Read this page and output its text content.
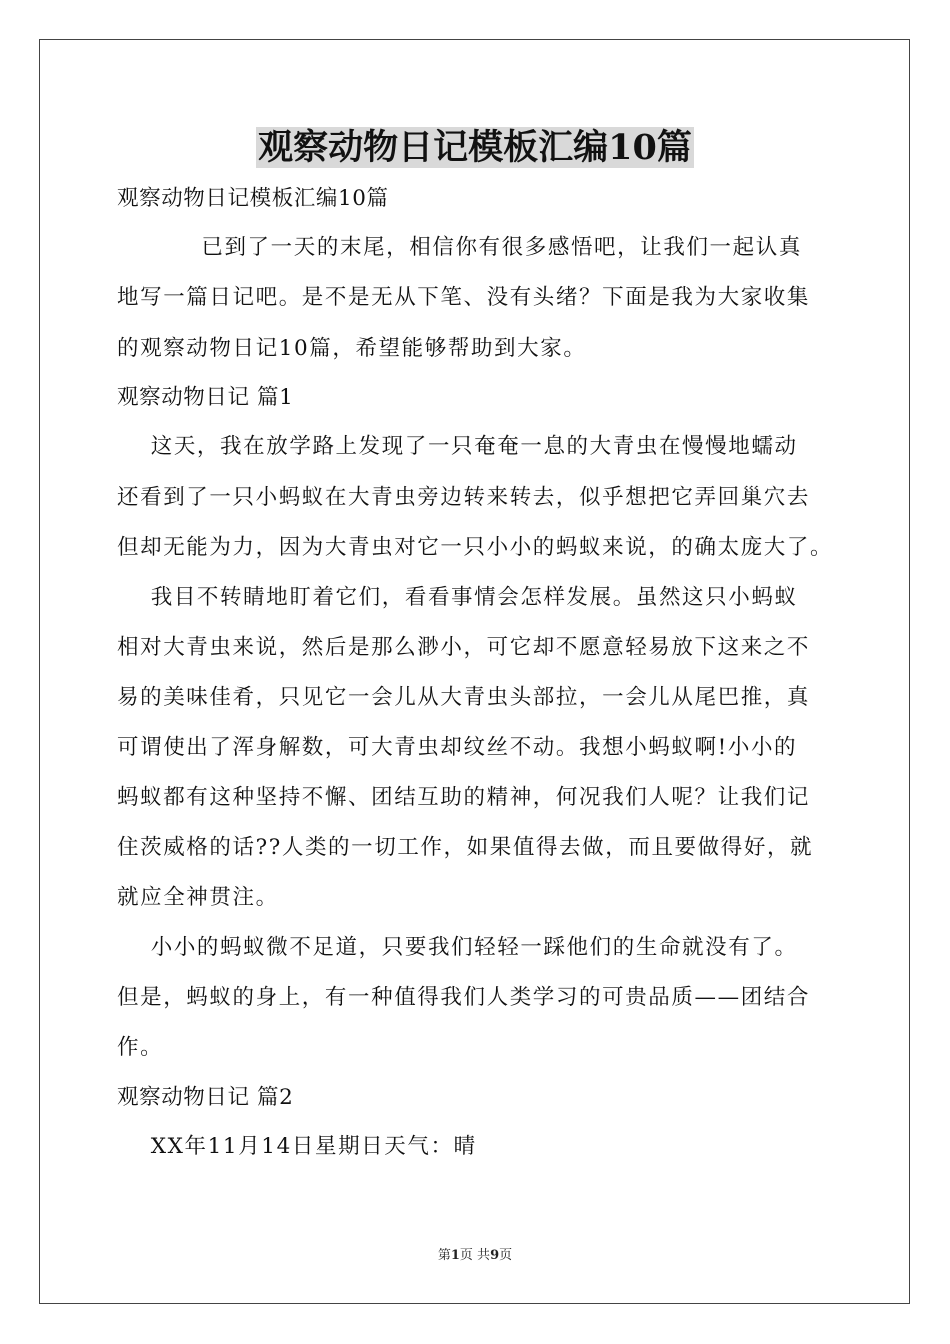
观察动物日记模板汇编10篇

观察动物日记模板汇编10篇

已到了一天的末尾，相信你有很多感悟吧，让我们一起认真

地写一篇日记吧。是不是无从下笔、没有头绪？下面是我为大家收集

的观察动物日记10篇，希望能够帮助到大家。

观察动物日记 篇1

这天，我在放学路上发现了一只奄奄一息的大青虫在慢慢地蠕动

还看到了一只小蚂蚁在大青虫旁边转来转去，似乎想把它弄回巢穴去

但却无能为力，因为大青虫对它一只小小的蚂蚁来说，的确太庞大了。

我目不转睛地盯着它们，看看事情会怎样发展。虽然这只小蚂蚁

相对大青虫来说，然后是那么渺小，可它却不愿意轻易放下这来之不

易的美味佳肴，只见它一会儿从大青虫头部拉，一会儿从尾巴推，真

可谓使出了浑身解数，可大青虫却纹丝不动。我想小蚂蚁啊!小小的

蚂蚁都有这种坚持不懈、团结互助的精神，何况我们人呢？让我们记

住茨威格的话??人类的一切工作，如果值得去做，而且要做得好，就

就应全神贯注。

小小的蚂蚁微不足道，只要我们轻轻一踩他们的生命就没有了。

但是，蚂蚁的身上，有一种值得我们人类学习的可贵品质——团结合

作。

观察动物日记 篇2

XX年11月14日星期日天气：晴

第1页 共9页
